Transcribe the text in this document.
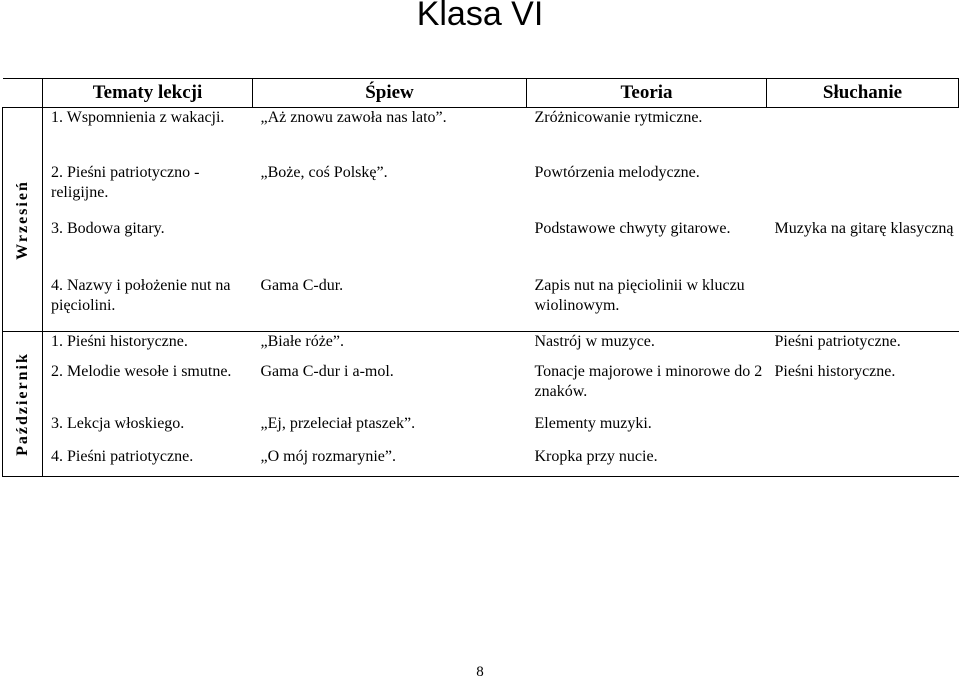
Klasa VI
	Tematy lekcji	Śpiew	Teoria	Słuchanie

Wrzesień	1. Wspomnienia z wakacji.	„Aż znowu zawoła nas lato”.	Zróżnicowanie rytmiczne.	
	2. Pieśni patriotyczno - religijne.	„Boże, coś Polskę”.	Powtórzenia melodyczne.	
	3. Bodowa gitary.		Podstawowe chwyty gitarowe.	Muzyka na gitarę klasyczną
	4. Nazwy i położenie nut na pięciolini.	Gama C-dur.	Zapis nut na pięciolinii w kluczu wiolinowym.	

Październik	1. Pieśni historyczne.	„Białe róże”.	Nastrój w muzyce.	Pieśni patriotyczne.
	2. Melodie wesołe i smutne.	Gama C-dur i a-mol.	Tonacje majorowe i minorowe do 2 znaków.	Pieśni historyczne.
	3. Lekcja włoskiego.	„Ej, przeleciał ptaszek”.	Elementy muzyki.	
	4. Pieśni patriotyczne.	„O mój rozmarynie”.	Kropka przy nucie.	
8
